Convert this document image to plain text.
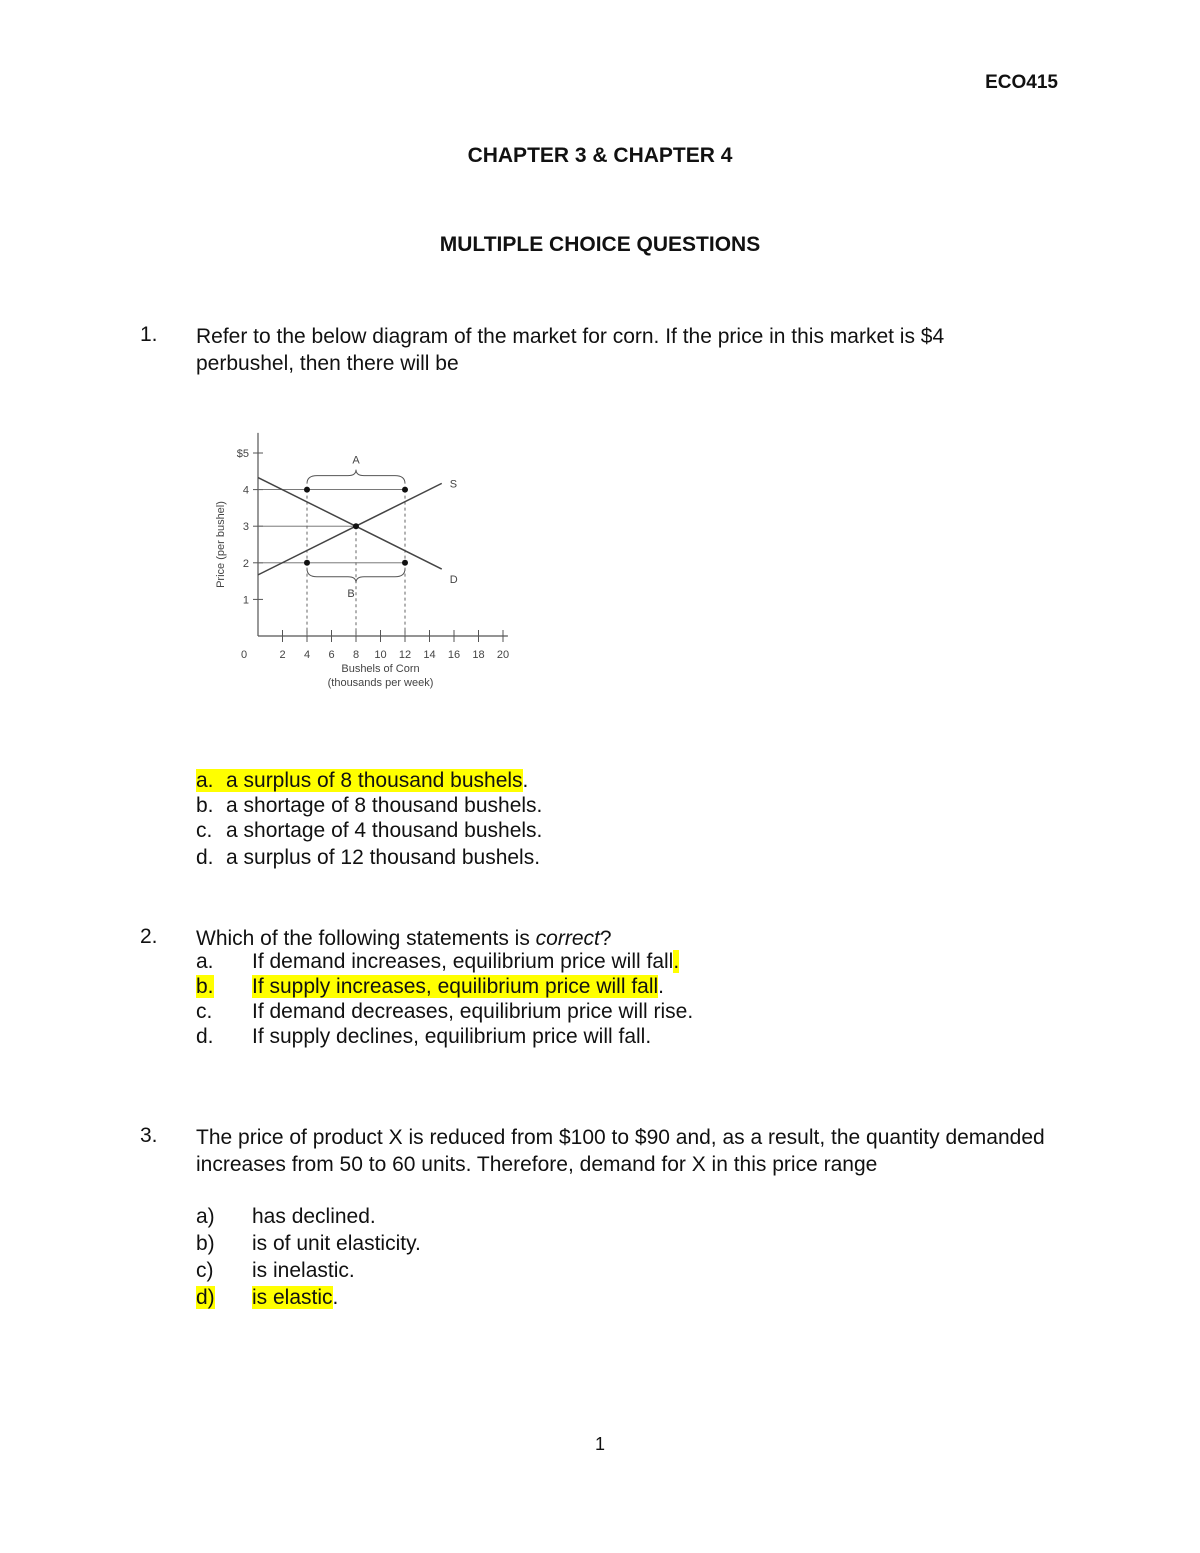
ECO415
CHAPTER 3 & CHAPTER 4
MULTIPLE CHOICE QUESTIONS
1. Refer to the below diagram of the market for corn. If the price in this market is $4 perbushel, then there will be
$5
4
3
2
1
0	2 4 6 8 10 12 14 16 18 20
Bushels of Corn
(thousands per week)
Price (per bushel)
S
D
A
B
a. a surplus of 8 thousand bushels.
b. a shortage of 8 thousand bushels.
c. a shortage of 4 thousand bushels.
d. a surplus of 12 thousand bushels.
2. Which of the following statements is correct?
a. If demand increases, equilibrium price will fall.
b. If supply increases, equilibrium price will fall.
c. If demand decreases, equilibrium price will rise.
d. If supply declines, equilibrium price will fall.
3. The price of product X is reduced from $100 to $90 and, as a result, the quantity demanded increases from 50 to 60 units. Therefore, demand for X in this price range
a) has declined.
b) is of unit elasticity.
c) is inelastic.
d) is elastic.
1
